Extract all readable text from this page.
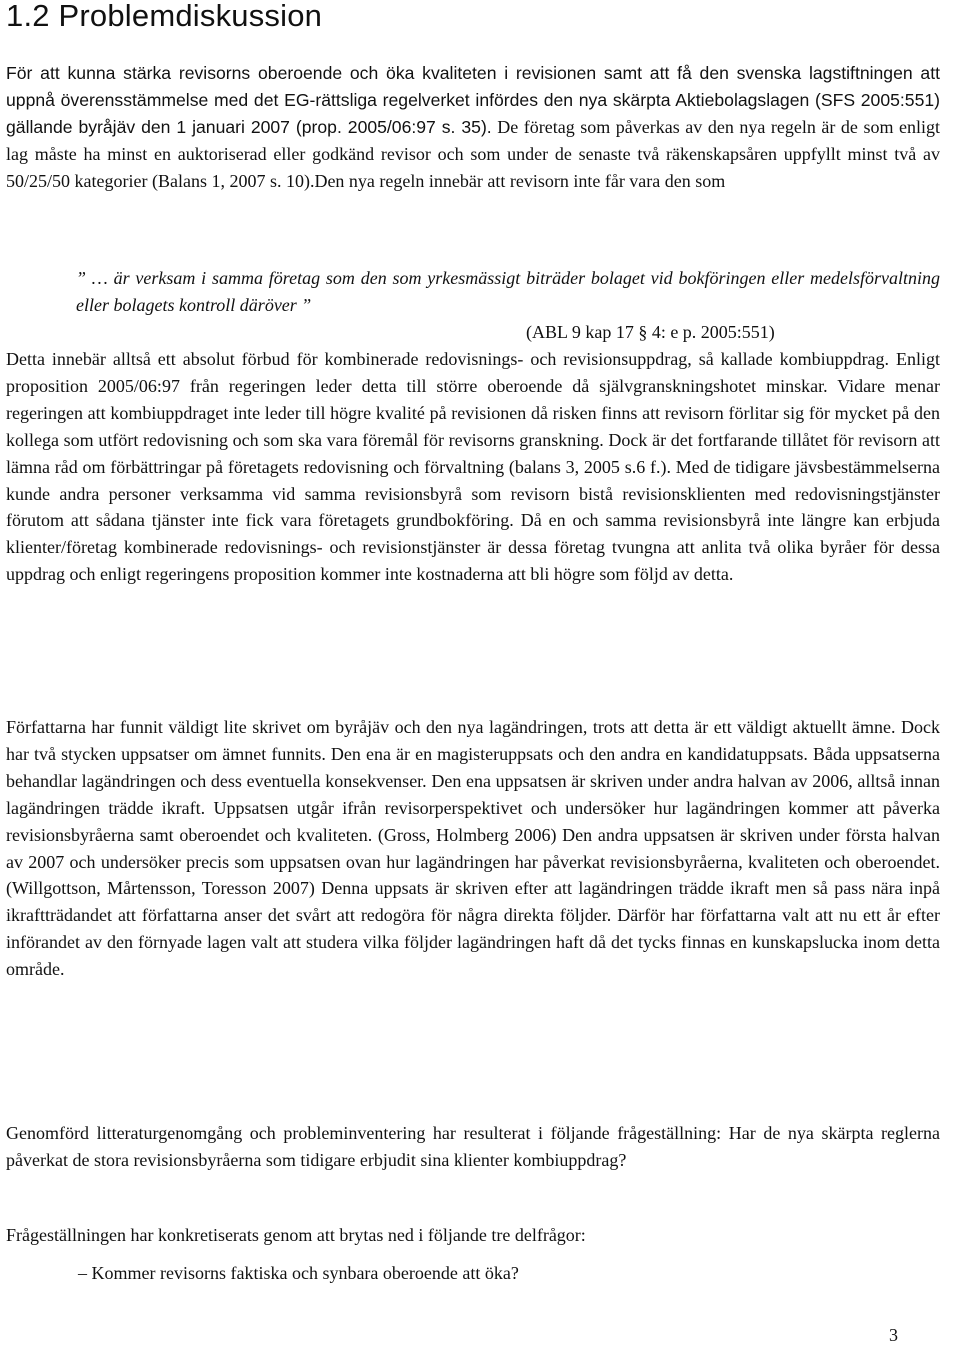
1.2 Problemdiskussion

För att kunna stärka revisorns oberoende och öka kvaliteten i revisionen samt att få den svenska lagstiftningen att uppnå överensstämmelse med det EG-rättsliga regelverket infördes den nya skärpta Aktiebolagslagen (SFS 2005:551) gällande byråjäv den 1 januari 2007 (prop. 2005/06:97 s. 35). De företag som påverkas av den nya regeln är de som enligt lag måste ha minst en auktoriserad eller godkänd revisor och som under de senaste två räkenskapsåren uppfyllt minst två av 50/25/50 kategorier (Balans 1, 2007 s. 10).Den nya regeln innebär att revisorn inte får vara den som

” … är verksam i samma företag som den som yrkesmässigt biträder bolaget vid bokföringen eller medelsförvaltning eller bolagets kontroll däröver ”

(ABL 9 kap 17 § 4: e p. 2005:551)

Detta innebär alltså ett absolut förbud för kombinerade redovisnings- och revisionsuppdrag, så kallade kombiuppdrag. Enligt proposition 2005/06:97 från regeringen leder detta till större oberoende då självgranskningshotet minskar. Vidare menar regeringen att kombiuppdraget inte leder till högre kvalité på revisionen då risken finns att revisorn förlitar sig för mycket på den kollega som utfört redovisning och som ska vara föremål för revisorns granskning. Dock är det fortfarande tillåtet för revisorn att lämna råd om förbättringar på företagets redovisning och förvaltning (balans 3, 2005 s.6 f.). Med de tidigare jävsbestämmelserna kunde andra personer verksamma vid samma revisionsbyrå som revisorn bistå revisionsklienten med redovisningstjänster förutom att sådana tjänster inte fick vara företagets grundbokföring. Då en och samma revisionsbyrå inte längre kan erbjuda klienter/företag kombinerade redovisnings- och revisionstjänster är dessa företag tvungna att anlita två olika byråer för dessa uppdrag och enligt regeringens proposition kommer inte kostnaderna att bli högre som följd av detta.

Författarna har funnit väldigt lite skrivet om byråjäv och den nya lagändringen, trots att detta är ett väldigt aktuellt ämne. Dock har två stycken uppsatser om ämnet funnits. Den ena är en magisteruppsats och den andra en kandidatuppsats. Båda uppsatserna behandlar lagändringen och dess eventuella konsekvenser. Den ena uppsatsen är skriven under andra halvan av 2006, alltså innan lagändringen trädde ikraft. Uppsatsen utgår ifrån revisorperspektivet och undersöker hur lagändringen kommer att påverka revisionsbyråerna samt oberoendet och kvaliteten. (Gross, Holmberg 2006) Den andra uppsatsen är skriven under första halvan av 2007 och undersöker precis som uppsatsen ovan hur lagändringen har påverkat revisionsbyråerna, kvaliteten och oberoendet.(Willgottson, Mårtensson, Toresson 2007) Denna uppsats är skriven efter att lagändringen trädde ikraft men så pass nära inpå ikraftträdandet att författarna anser det svårt att redogöra för några direkta följder. Därför har författarna valt att nu ett år efter införandet av den förnyade lagen valt att studera vilka följder lagändringen haft då det tycks finnas en kunskapslucka inom detta område.

Genomförd litteraturgenomgång och probleminventering har resulterat i följande frågeställning: Har de nya skärpta reglerna påverkat de stora revisionsbyråerna som tidigare erbjudit sina klienter kombiuppdrag?

Frågeställningen har konkretiserats genom att brytas ned i följande tre delfrågor:

– Kommer revisorns faktiska och synbara oberoende att öka?

3
